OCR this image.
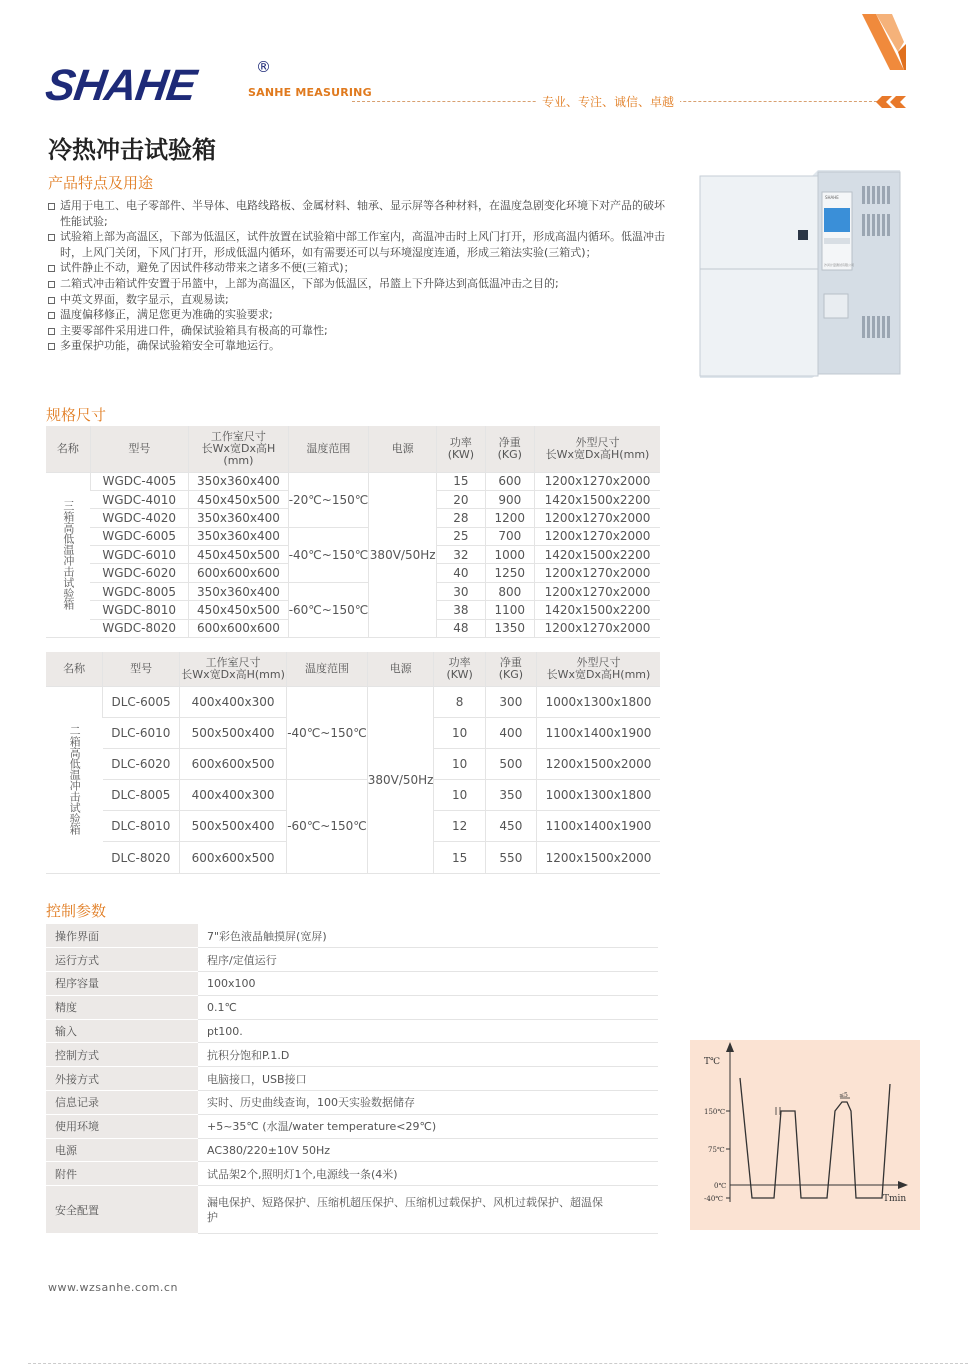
SHAHE	®
SANHE MEASURING
专业、专注、诚信、卓越
冷热冲击试验箱
产品特点及用途
适用于电工、电子零部件、半导体、电路线路板、金属材料、轴承、显示屏等各种材料，在温度急剧变化环境下对产品的破坏性能试验;
试验箱上部为高温区，下部为低温区，试件放置在试验箱中部工作室内，高温冲击时上风门打开，形成高温内循环。低温冲击时，上风门关闭，下风门打开，形成低温内循环，如有需要还可以与环境湿度连通，形成三箱法实验(三箱式)；
试件静止不动，避免了因试件移动带来之诸多不便(三箱式)；
二箱式冲击箱试件安置于吊篮中，上部为高温区，下部为低温区，吊篮上下升降达到高低温冲击之目的;
中英文界面，数字显示，直观易读;
温度偏移修正，满足您更为准确的实验要求;
主要零部件采用进口件，确保试验箱具有极高的可靠性;
多重保护功能，确保试验箱安全可靠地运行。
SHAHE
沙河计量测试有限公司
规格尺寸
名称	型号	工作室尺寸
长Wx宽Dx高H
(mm)	温度范围	电源	功率
(KW)	净重
(KG)	外型尺寸
长Wx宽Dx高H(mm)

三箱高低温冲击试验箱	WGDC-4005	350x360x400	-20℃~150℃	380V/50Hz	15	600	1200x1270x2000
	WGDC-4010	450x450x500			20	900	1420x1500x2200
	WGDC-4020	350x360x400			28	1200	1200x1270x2000
	WGDC-6005	350x360x400	-40℃~150℃		25	700	1200x1270x2000
	WGDC-6010	450x450x500			32	1000	1420x1500x2200
	WGDC-6020	600x600x600			40	1250	1200x1270x2000
	WGDC-8005	350x360x400	-60℃~150℃		30	800	1200x1270x2000
	WGDC-8010	450x450x500			38	1100	1420x1500x2200
	WGDC-8020	600x600x600			48	1350	1200x1270x2000
名称	型号	工作室尺寸
长Wx宽Dx高H(mm)	温度范围	电源	功率
(KW)	净重
(KG)	外型尺寸
长Wx宽Dx高H(mm)

二箱高低温冲击试验箱	DLC-6005	400x400x300	-40℃~150℃	380V/50Hz	8	300	1000x1300x1800
	DLC-6010	500x500x400			10	400	1100x1400x1900
	DLC-6020	600x600x500			10	500	1200x1500x2000
	DLC-8005	400x400x300	-60℃~150℃		10	350	1000x1300x1800
	DLC-8010	500x500x400			12	450	1100x1400x1900
	DLC-8020	600x600x500			15	550	1200x1500x2000
控制参数
操作界面	7"彩色液晶触摸屏(宽屏)
运行方式	程序/定值运行
程序容量	100x100
精度	0.1℃
输入	pt100.
控制方式	抗积分饱和P.1.D
外接方式	电脑接口，USB接口
信息记录	实时、历史曲线查询，100天实验数据储存
使用环境	+5~35℃ (水温/water temperature<29℃)
电源	AC380/220±10V 50Hz
附件	试品架2个,照明灯1个,电源线一条(4米)
安全配置	漏电保护、短路保护、压缩机超压保护、压缩机过载保护、风机过载保护、超温保护
T℃
Tmin
150℃
75℃
0℃
-40℃
≤5
www.wzsanhe.com.cn
